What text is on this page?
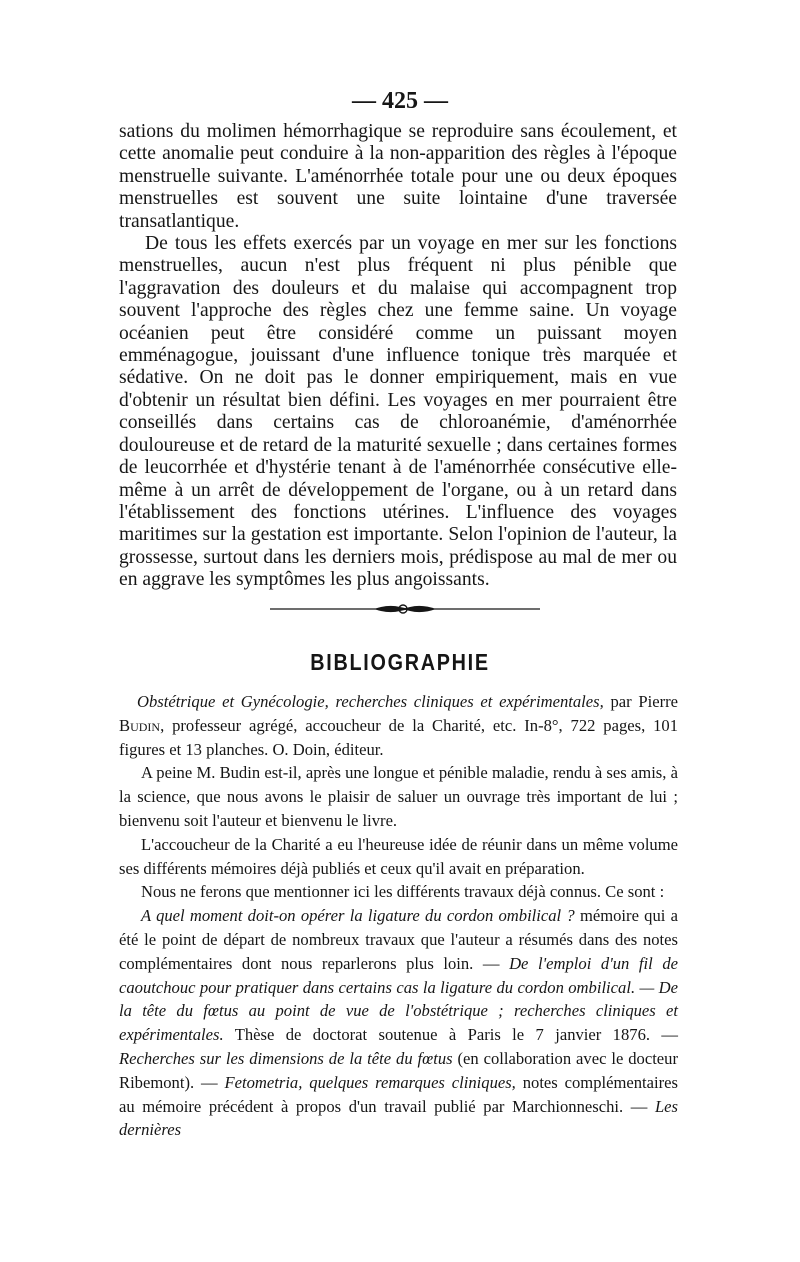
— 425 —

sations du molimen hémorrhagique se reproduire sans écoulement, et cette anomalie peut conduire à la non-apparition des règles à l'époque menstruelle suivante. L'aménorrhée totale pour une ou deux époques menstruelles est souvent une suite lointaine d'une traversée transatlantique.

De tous les effets exercés par un voyage en mer sur les fonctions menstruelles, aucun n'est plus fréquent ni plus pénible que l'aggravation des douleurs et du malaise qui accompagnent trop souvent l'approche des règles chez une femme saine. Un voyage océanien peut être considéré comme un puissant moyen emménagogue, jouissant d'une influence tonique très marquée et sédative. On ne doit pas le donner empiriquement, mais en vue d'obtenir un résultat bien défini. Les voyages en mer pourraient être conseillés dans certains cas de chloroanémie, d'aménorrhée douloureuse et de retard de la maturité sexuelle ; dans certaines formes de leucorrhée et d'hystérie tenant à de l'aménorrhée consécutive elle-même à un arrêt de développement de l'organe, ou à un retard dans l'établissement des fonctions utérines. L'influence des voyages maritimes sur la gestation est importante. Selon l'opinion de l'auteur, la grossesse, surtout dans les derniers mois, prédispose au mal de mer ou en aggrave les symptômes les plus angoissants.

BIBLIOGRAPHIE

Obstétrique et Gynécologie, recherches cliniques et expérimentales, par Pierre Budin, professeur agrégé, accoucheur de la Charité, etc. In-8°, 722 pages, 101 figures et 13 planches. O. Doin, éditeur.

A peine M. Budin est-il, après une longue et pénible maladie, rendu à ses amis, à la science, que nous avons le plaisir de saluer un ouvrage très important de lui ; bienvenu soit l'auteur et bienvenu le livre.

L'accoucheur de la Charité a eu l'heureuse idée de réunir dans un même volume ses différents mémoires déjà publiés et ceux qu'il avait en préparation.

Nous ne ferons que mentionner ici les différents travaux déjà connus. Ce sont :

A quel moment doit-on opérer la ligature du cordon ombilical ? mémoire qui a été le point de départ de nombreux travaux que l'auteur a résumés dans des notes complémentaires dont nous reparlerons plus loin. — De l'emploi d'un fil de caoutchouc pour pratiquer dans certains cas la ligature du cordon ombilical. — De la tête du fœtus au point de vue de l'obstétrique ; recherches cliniques et expérimentales. Thèse de doctorat soutenue à Paris le 7 janvier 1876. — Recherches sur les dimensions de la tête du fœtus (en collaboration avec le docteur Ribemont). — Fetometria, quelques remarques cliniques, notes complémentaires au mémoire précédent à propos d'un travail publié par Marchionneschi. — Les dernières
